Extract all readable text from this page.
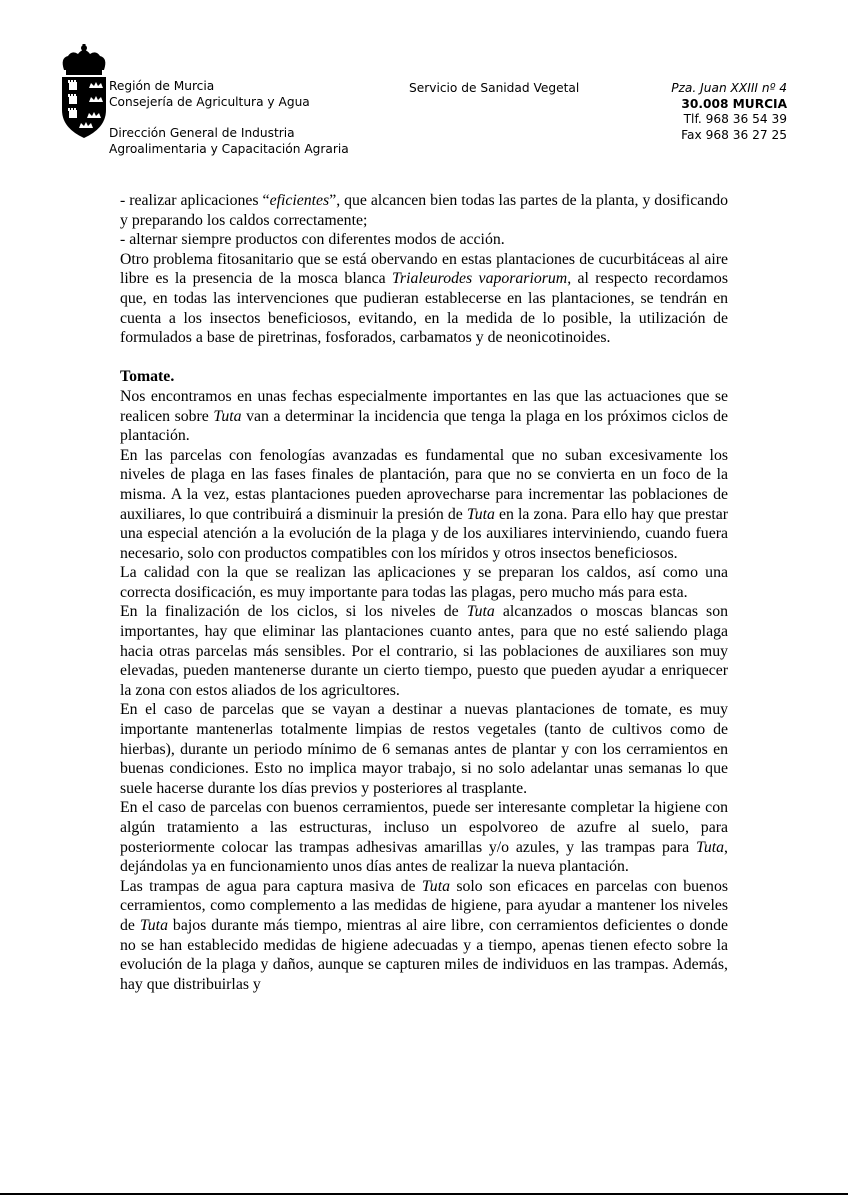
Región de Murcia
Consejería de Agricultura y Agua
Dirección General de Industria
Agroalimentaria y Capacitación Agraria
Servicio de Sanidad Vegetal	Pza. Juan XXIII nº 4
30.008 MURCIA
Tlf. 968 36 54 39
Fax 968 36 27 25

- realizar aplicaciones “eficientes”, que alcancen bien todas las partes de la planta, y dosificando y preparando los caldos correctamente;

- alternar siempre productos con diferentes modos de acción.

Otro problema fitosanitario que se está obervando en estas plantaciones de cucurbitáceas al aire libre es la presencia de la mosca blanca Trialeurodes vaporariorum, al respecto recordamos que, en todas las intervenciones que pudieran establecerse en las plantaciones, se tendrán en cuenta a los insectos beneficiosos, evitando, en la medida de lo posible, la utilización de formulados a base de piretrinas, fosforados, carbamatos y de neonicotinoides.

Tomate.

Nos encontramos en unas fechas especialmente importantes en las que las actuaciones que se realicen sobre Tuta van a determinar la incidencia que tenga la plaga en los próximos ciclos de plantación.

En las parcelas con fenologías avanzadas es fundamental que no suban excesivamente los niveles de plaga en las fases finales de plantación, para que no se convierta en un foco de la misma. A la vez, estas plantaciones pueden aprovecharse para incrementar las poblaciones de auxiliares, lo que contribuirá a disminuir la presión de Tuta en la zona. Para ello hay que prestar una especial atención a la evolución de la plaga y de los auxiliares interviniendo, cuando fuera necesario, solo con productos compatibles con los míridos y otros insectos beneficiosos.

La calidad con la que se realizan las aplicaciones y se preparan los caldos, así como una correcta dosificación, es muy importante para todas las plagas, pero mucho más para esta.

En la finalización de los ciclos, si los niveles de Tuta alcanzados o moscas blancas son importantes, hay que eliminar las plantaciones cuanto antes, para que no esté saliendo plaga hacia otras parcelas más sensibles. Por el contrario, si las poblaciones de auxiliares son muy elevadas, pueden mantenerse durante un cierto tiempo, puesto que pueden ayudar a enriquecer la zona con estos aliados de los agricultores.

En el caso de parcelas que se vayan a destinar a nuevas plantaciones de tomate, es muy importante mantenerlas totalmente limpias de restos vegetales (tanto de cultivos como de hierbas), durante un periodo mínimo de 6 semanas antes de plantar y con los cerramientos en buenas condiciones. Esto no implica mayor trabajo, si no solo adelantar unas semanas lo que suele hacerse durante los días previos y posteriores al trasplante.

En el caso de parcelas con buenos cerramientos, puede ser interesante completar la higiene con algún tratamiento a las estructuras, incluso un espolvoreo de azufre al suelo, para posteriormente colocar las trampas adhesivas amarillas y/o azules, y las trampas para Tuta, dejándolas ya en funcionamiento unos días antes de realizar la nueva plantación.

Las trampas de agua para captura masiva de Tuta solo son eficaces en parcelas con buenos cerramientos, como complemento a las medidas de higiene, para ayudar a mantener los niveles de Tuta bajos durante más tiempo, mientras al aire libre, con cerramientos deficientes o donde no se han establecido medidas de higiene adecuadas y a tiempo, apenas tienen efecto sobre la evolución de la plaga y daños, aunque se capturen miles de individuos en las trampas. Además, hay que distribuirlas y
